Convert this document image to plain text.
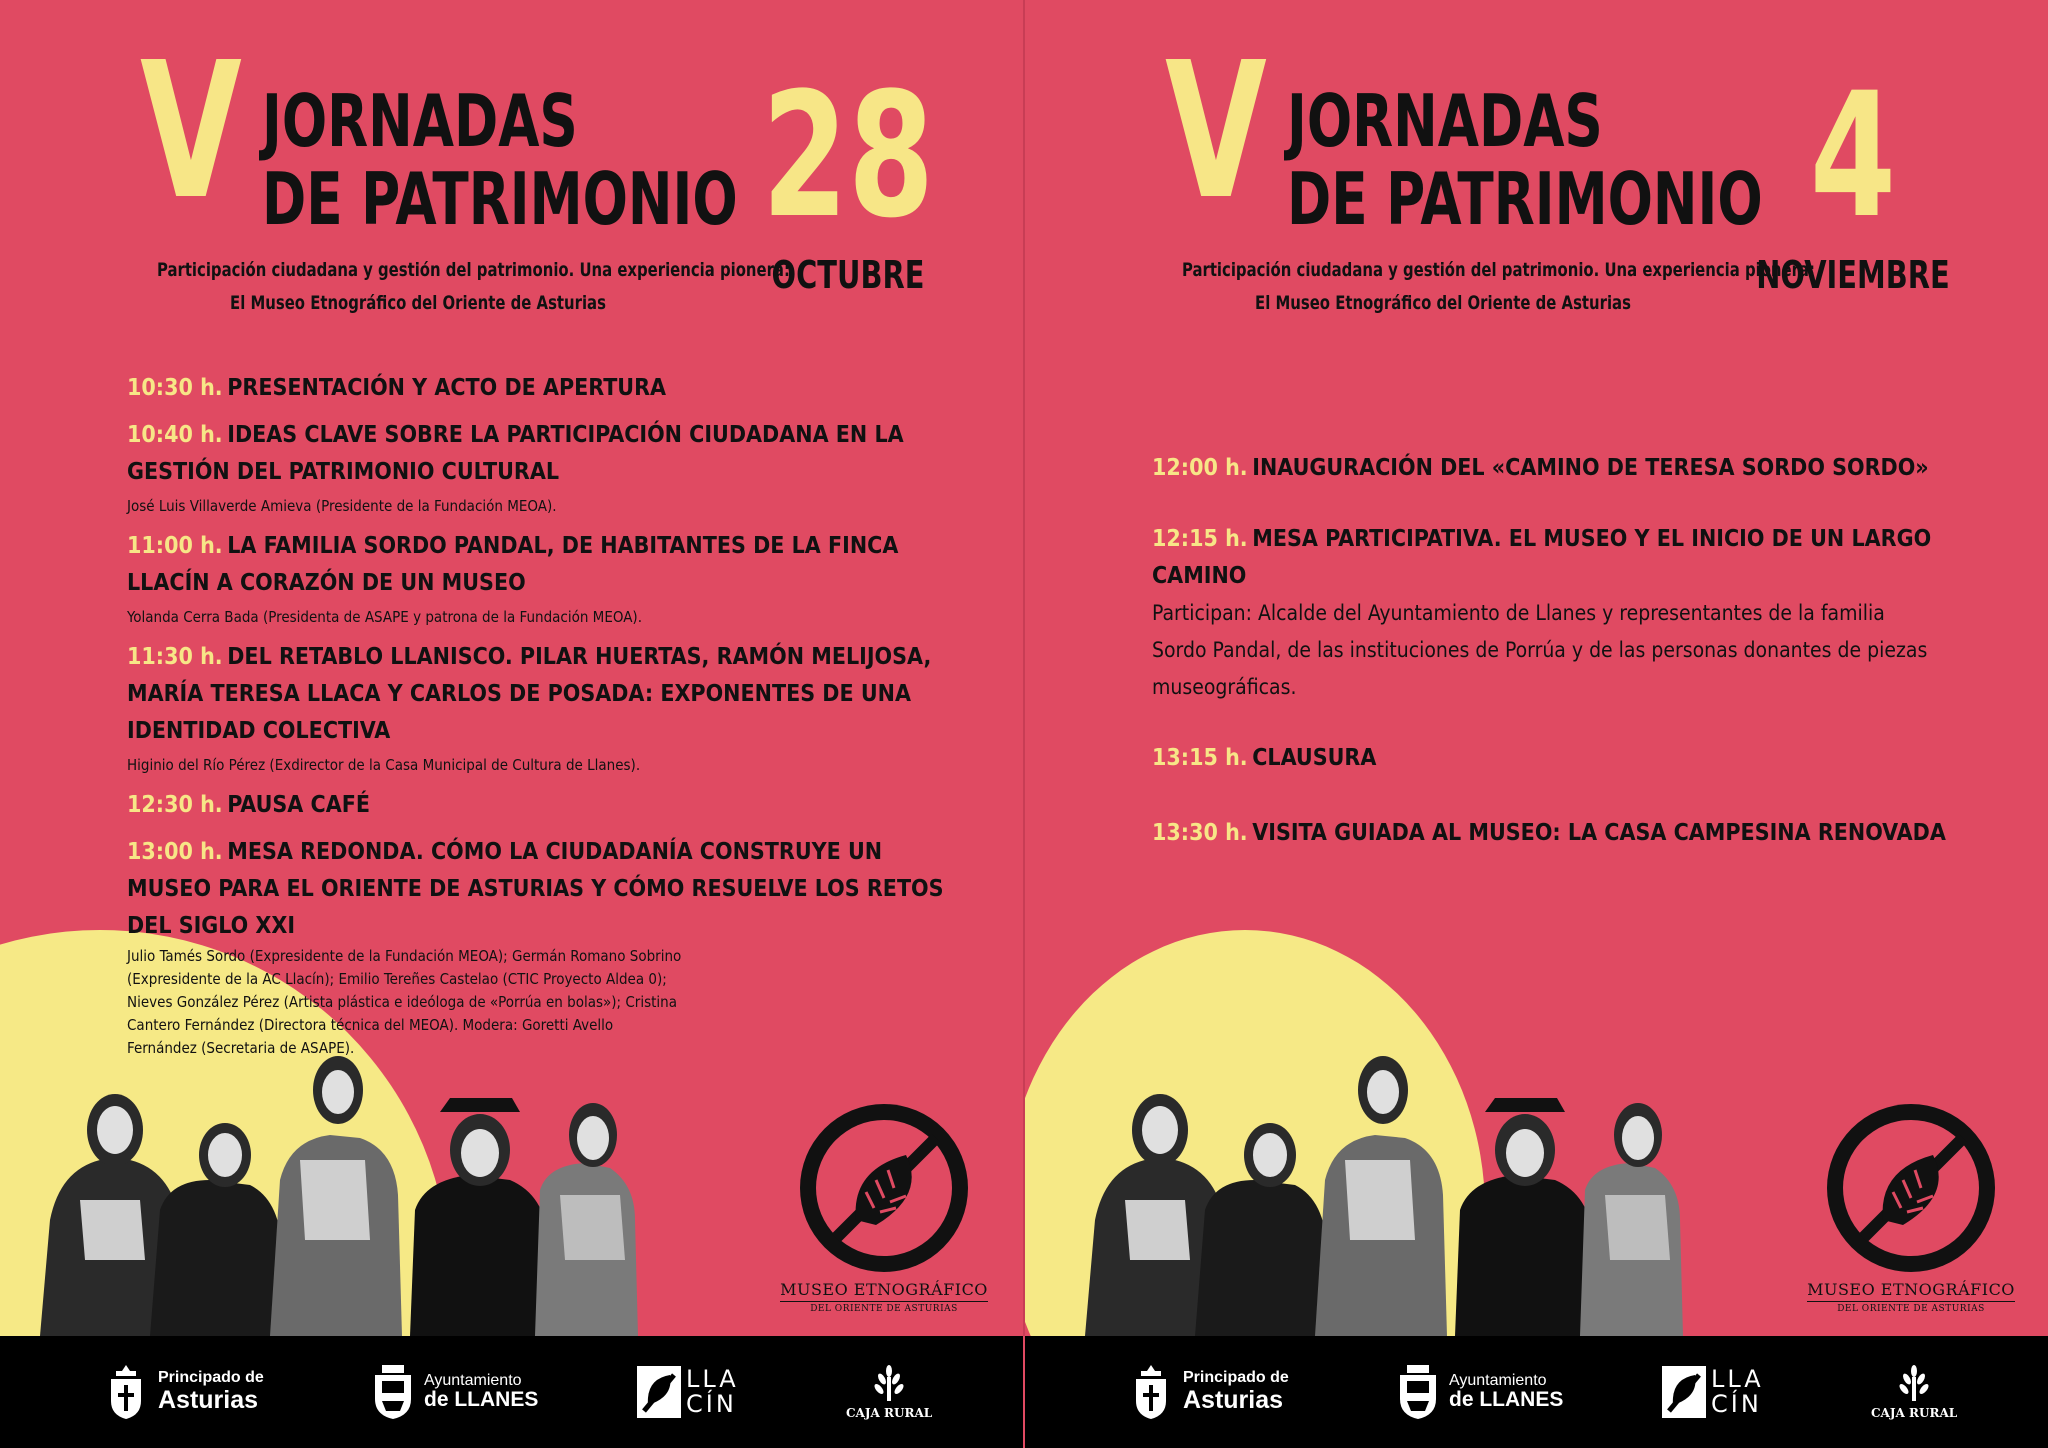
V JORNADAS
DE PATRIMONIO 28
OCTUBRE
Participación ciudadana y gestión del patrimonio. Una experiencia pionera:
El Museo Etnográfico del Oriente de Asturias
10:30 h. PRESENTACIÓN Y ACTO DE APERTURA
10:40 h. IDEAS CLAVE SOBRE LA PARTICIPACIÓN CIUDADANA EN LA GESTIÓN DEL PATRIMONIO CULTURAL
José Luis Villaverde Amieva (Presidente de la Fundación MEOA).
11:00 h. LA FAMILIA SORDO PANDAL, DE HABITANTES DE LA FINCA LLACÍN A CORAZÓN DE UN MUSEO
Yolanda Cerra Bada (Presidenta de ASAPE y patrona de la Fundación MEOA).
11:30 h. DEL RETABLO LLANISCO. PILAR HUERTAS, RAMÓN MELIJOSA, MARÍA TERESA LLACA Y CARLOS DE POSADA: EXPONENTES DE UNA IDENTIDAD COLECTIVA
Higinio del Río Pérez (Exdirector de la Casa Municipal de Cultura de Llanes).
12:30 h. PAUSA CAFÉ
13:00 h. MESA REDONDA. CÓMO LA CIUDADANÍA CONSTRUYE UN MUSEO PARA EL ORIENTE DE ASTURIAS Y CÓMO RESUELVE LOS RETOS DEL SIGLO XXI
Julio Tamés Sordo (Expresidente de la Fundación MEOA); Germán Romano Sobrino (Expresidente de la AC Llacín); Emilio Tereñes Castelao (CTIC Proyecto Aldea 0); Nieves González Pérez (Artista plástica e ideóloga de «Porrúa en bolas»); Cristina Cantero Fernández (Directora técnica del MEOA). Modera: Goretti Avello Fernández (Secretaria de ASAPE).
MUSEO ETNOGRÁFICO
DEL ORIENTE DE ASTURIAS
Principado de
Asturias
Ayuntamiento
de LLANES
LLA
CÍN	CAJA RURAL
V JORNADAS
DE PATRIMONIO 4
NOVIEMBRE
Participación ciudadana y gestión del patrimonio. Una experiencia pionera:
El Museo Etnográfico del Oriente de Asturias
12:00 h. INAUGURACIÓN DEL «CAMINO DE TERESA SORDO SORDO»
12:15 h. MESA PARTICIPATIVA. EL MUSEO Y EL INICIO DE UN LARGO CAMINO
Participan: Alcalde del Ayuntamiento de Llanes y representantes de la familia Sordo Pandal, de las instituciones de Porrúa y de las personas donantes de piezas museográficas.
13:15 h. CLAUSURA
13:30 h. VISITA GUIADA AL MUSEO: LA CASA CAMPESINA RENOVADA
MUSEO ETNOGRÁFICO
DEL ORIENTE DE ASTURIAS
Principado de
Asturias
Ayuntamiento
de LLANES
LLA
CÍN	CAJA RURAL
